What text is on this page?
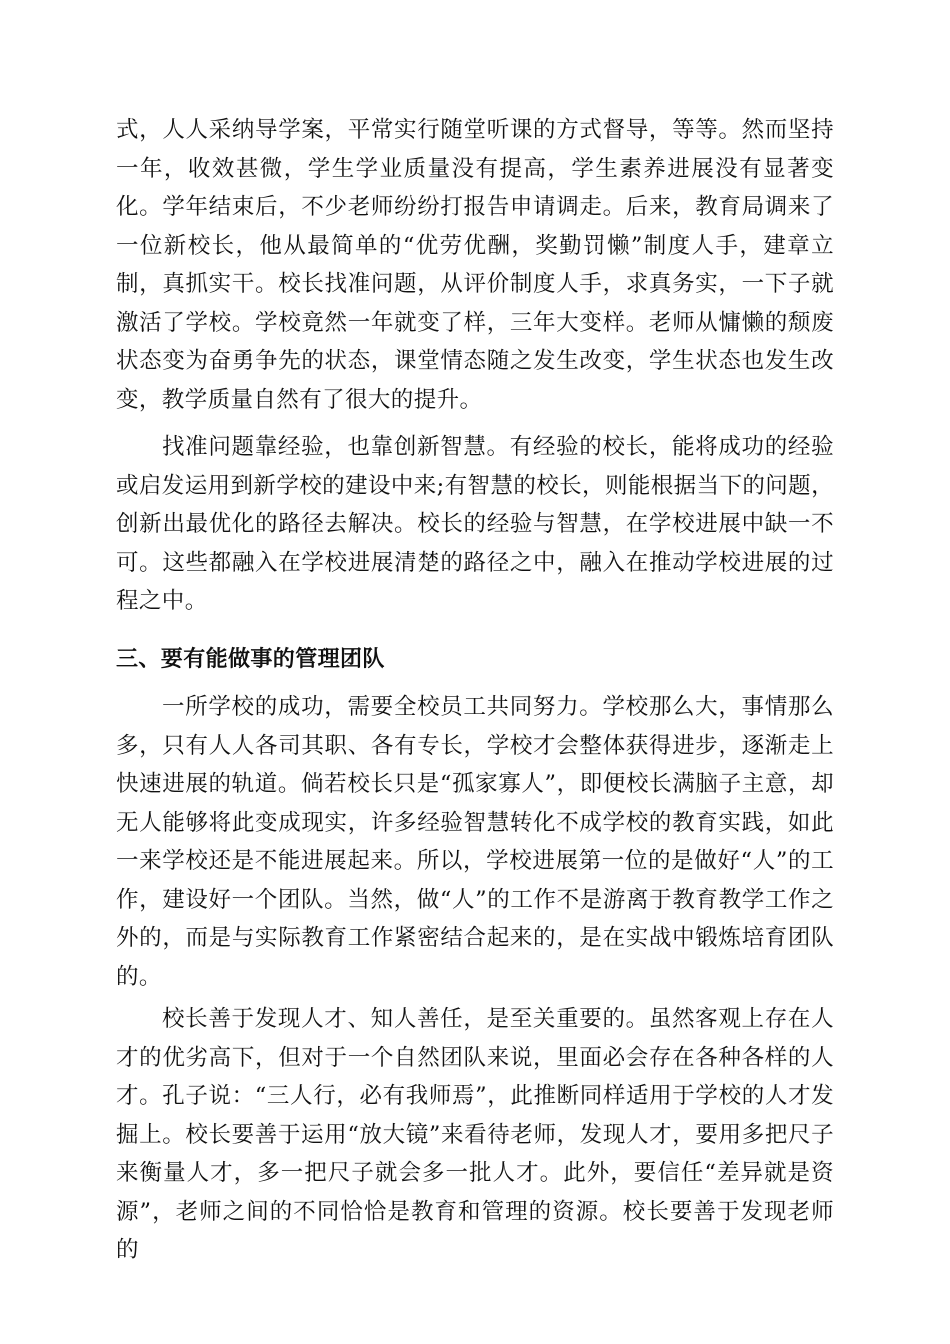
式，人人采纳导学案，平常实行随堂听课的方式督导，等等。然而坚持一年，收效甚微，学生学业质量没有提高，学生素养进展没有显著变化。学年结束后，不少老师纷纷打报告申请调走。后来，教育局调来了一位新校长，他从最简单的“优劳优酬，奖勤罚懒”制度人手，建章立制，真抓实干。校长找准问题，从评价制度人手，求真务实，一下子就激活了学校。学校竟然一年就变了样，三年大变样。老师从慵懒的颓废状态变为奋勇争先的状态，课堂情态随之发生改变，学生状态也发生改变，教学质量自然有了很大的提升。

找准问题靠经验，也靠创新智慧。有经验的校长，能将成功的经验或启发运用到新学校的建设中来;有智慧的校长，则能根据当下的问题，创新出最优化的路径去解决。校长的经验与智慧，在学校进展中缺一不可。这些都融入在学校进展清楚的路径之中，融入在推动学校进展的过程之中。

三、要有能做事的管理团队

一所学校的成功，需要全校员工共同努力。学校那么大，事情那么多，只有人人各司其职、各有专长，学校才会整体获得进步，逐渐走上快速进展的轨道。倘若校长只是“孤家寡人”，即便校长满脑子主意，却无人能够将此变成现实，许多经验智慧转化不成学校的教育实践，如此一来学校还是不能进展起来。所以，学校进展第一位的是做好“人”的工作，建设好一个团队。当然，做“人”的工作不是游离于教育教学工作之外的，而是与实际教育工作紧密结合起来的，是在实战中锻炼培育团队的。

校长善于发现人才、知人善任，是至关重要的。虽然客观上存在人才的优劣高下，但对于一个自然团队来说，里面必会存在各种各样的人才。孔子说：“三人行，必有我师焉”，此推断同样适用于学校的人才发掘上。校长要善于运用“放大镜”来看待老师，发现人才，要用多把尺子来衡量人才，多一把尺子就会多一批人才。此外，要信任“差异就是资源”，老师之间的不同恰恰是教育和管理的资源。校长要善于发现老师的
